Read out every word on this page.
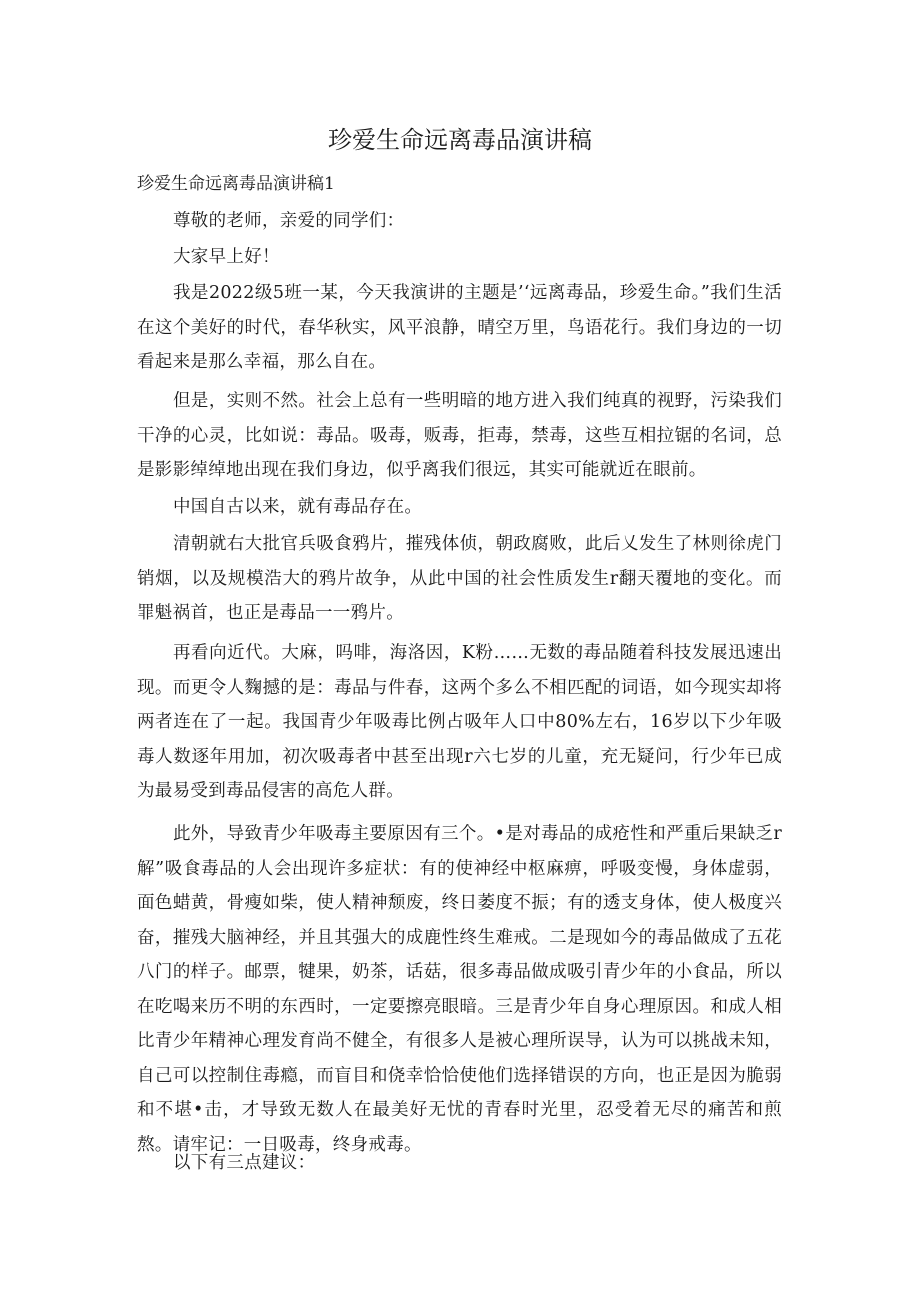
珍爱生命远离毒品演讲稿

珍爱生命远离毒品演讲稿1

尊敬的老师，亲爱的同学们：

大家早上好！

我是2022级5班一某，今天我演讲的主题是’‘远离毒品，珍爱生命。”我们生活在这个美好的时代，春华秋实，风平浪静，晴空万里，鸟语花行。我们身边的一切看起来是那么幸福，那么自在。

但是，实则不然。社会上总有一些明暗的地方进入我们纯真的视野，污染我们干净的心灵，比如说：毒品。吸毒，贩毒，拒毒，禁毒，这些互相拉锯的名词，总是影影绰绰地出现在我们身边，似乎离我们很远，其实可能就近在眼前。

中国自古以来，就有毒品存在。

清朝就右大批官兵吸食鸦片，摧残体侦，朝政腐败，此后乂发生了林则徐虎门销烟，以及规模浩大的鸦片故争，从此中国的社会性质发生r翻天覆地的变化。而罪魁祸首，也正是毒品一一鸦片。

再看向近代。大麻，吗啡，海洛因，K粉……无数的毒品随着科技发展迅速出现。而更令人麴撼的是：毒品与件春，这两个多么不相匹配的词语，如今现实却将两者连在了一起。我国青少年吸毒比例占吸年人口中80%左右，16岁以下少年吸毒人数逐年用加，初次吸毒者中甚至出现r六七岁的儿童，充无疑问，行少年已成为最易受到毒品侵害的高危人群。

此外，导致青少年吸毒主要原因有三个。•是对毒品的成疮性和严重后果缺乏r解”吸食毒品的人会出现许多症状：有的使神经中枢麻痹，呼吸变慢，身体虚弱，面色蜡黄，骨瘦如柴，使人精神颓废，终日萎度不振；有的透支身体，使人极度兴奋，摧残大脑神经，并且其强大的成鹿性终生难戒。二是现如今的毒品做成了五花八门的样子。邮票，犍果，奶茶，话菇，很多毒品做成吸引青少年的小食品，所以在吃喝来历不明的东西时，一定要擦亮眼暗。三是青少年自身心理原因。和成人相比青少年精神心理发育尚不健全，有很多人是被心理所误导，认为可以挑战未知，自己可以控制住毒瘾，而盲目和侥幸恰恰使他们选择错误的方向，也正是因为脆弱和不堪•击，才导致无数人在最美好无忧的青春时光里，忍受着无尽的痛苦和煎熬。请牢记：一日吸毒，终身戒毒。

以下有三点建议：
